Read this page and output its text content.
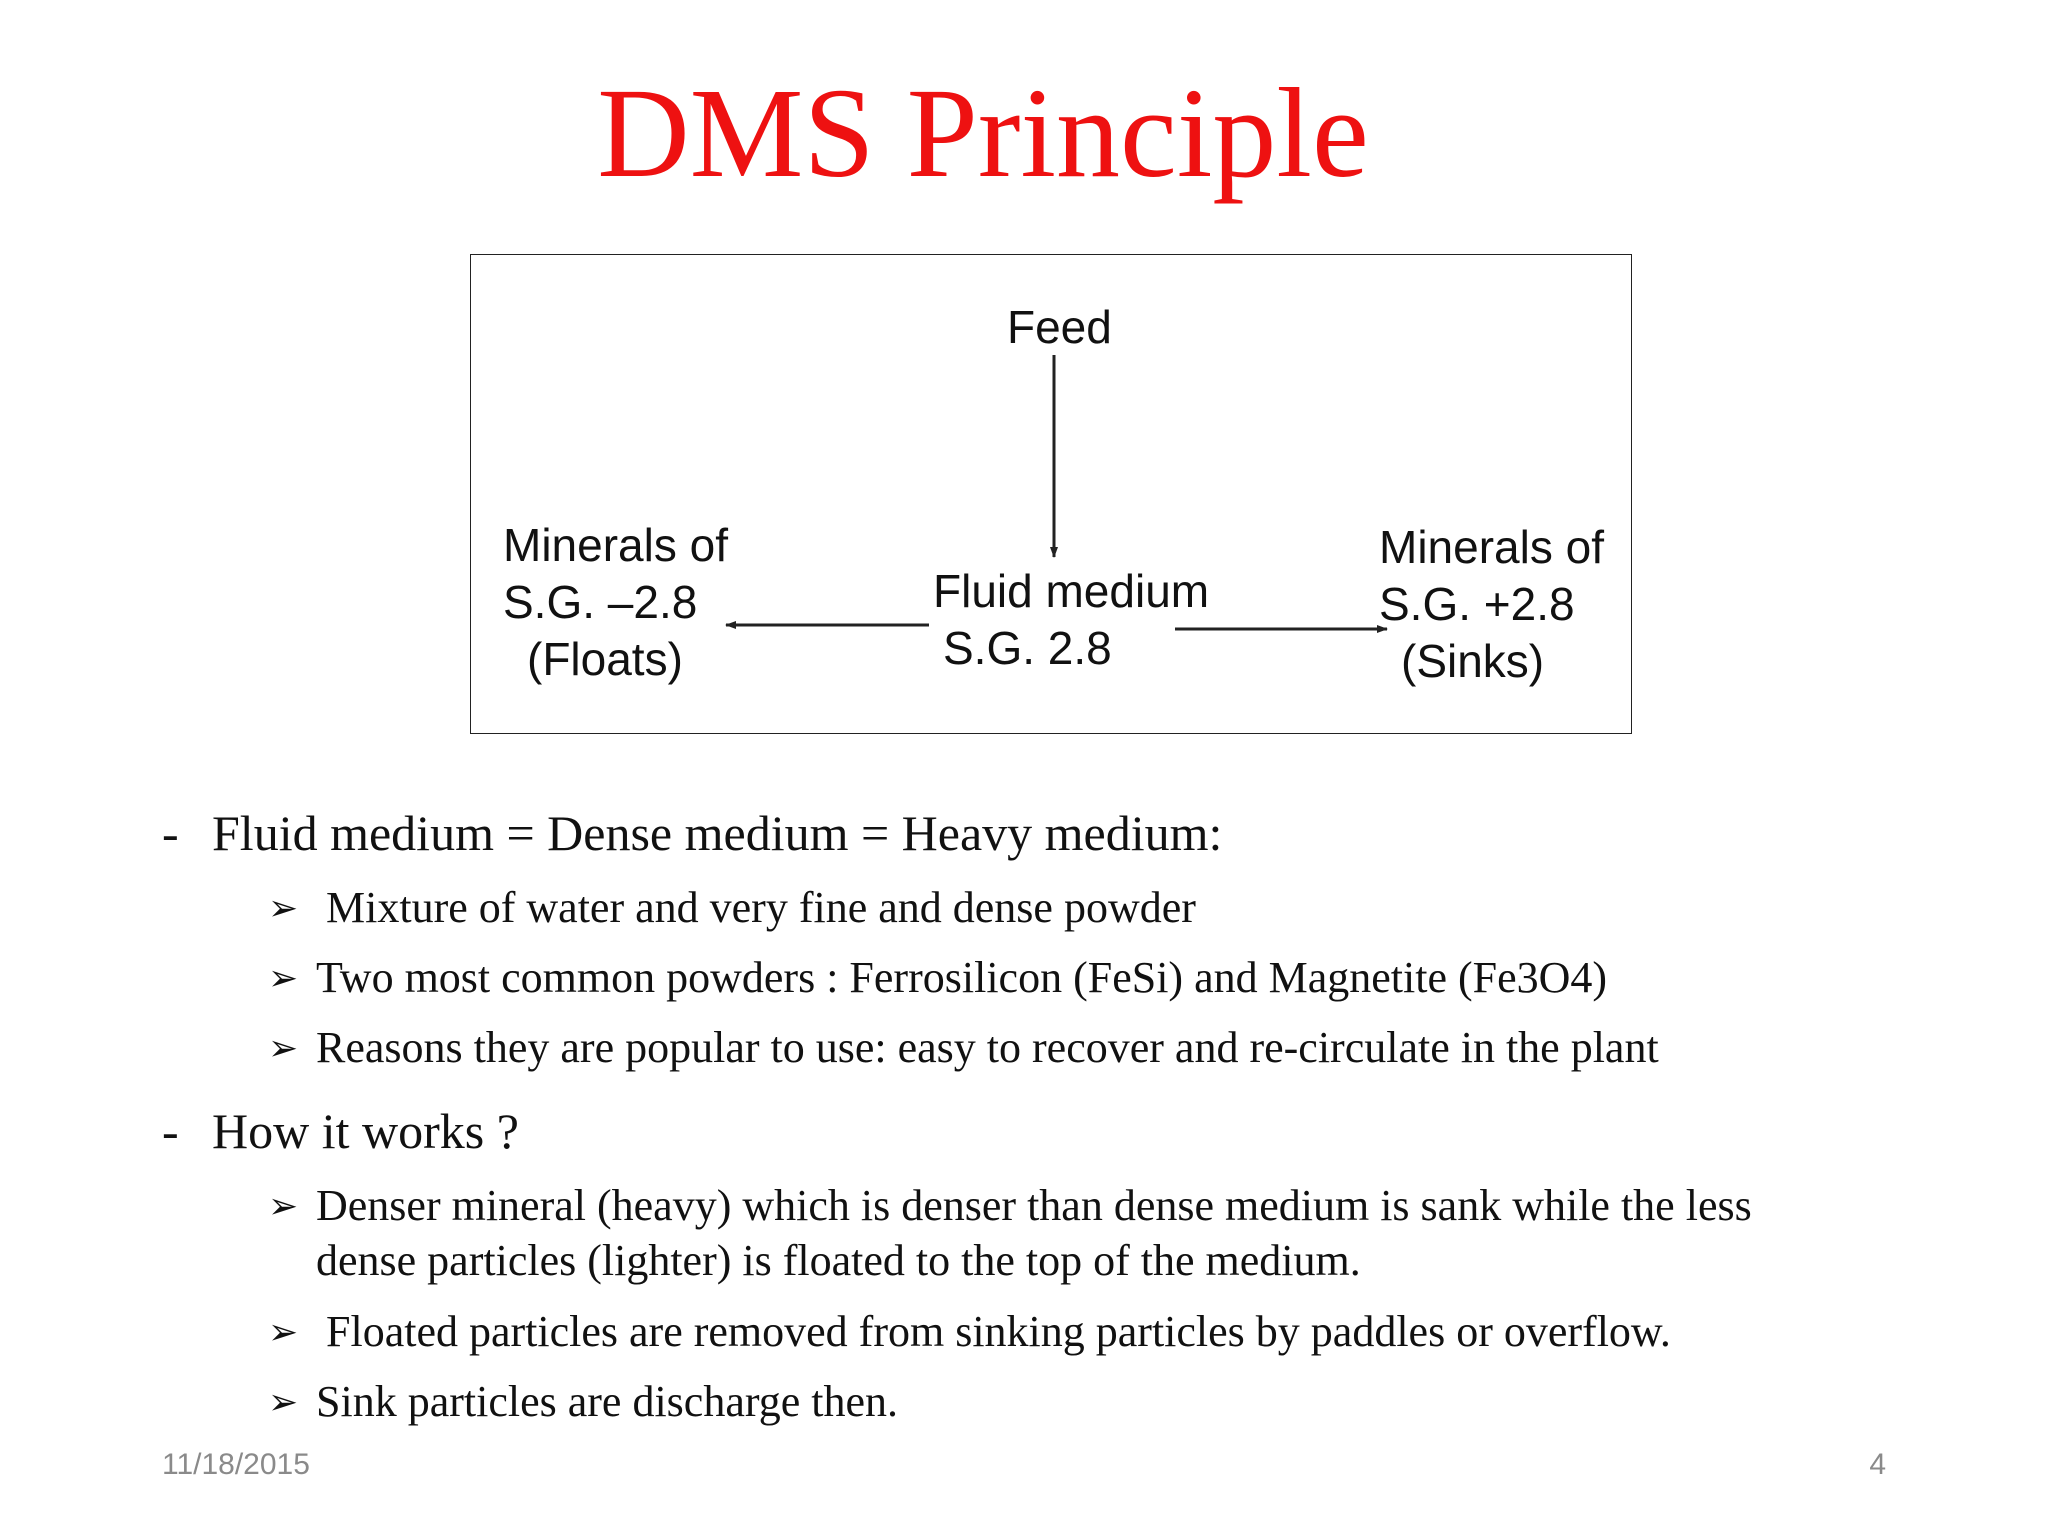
DMS Principle
Feed
Minerals of
S.G. –2.8
(Floats)
Fluid medium
S.G. 2.8
Minerals of
S.G. +2.8
(Sinks)
- Fluid medium = Dense medium = Heavy medium:
➢ Mixture of water and very fine and dense powder
➢ Two most common powders : Ferrosilicon (FeSi) and Magnetite (Fe3O4)
➢ Reasons they are popular to use: easy to recover and re-circulate in the plant
- How it works ?
➢ Denser mineral (heavy) which is denser than dense medium is sank while the less
dense particles (lighter) is floated to the top of the medium.
➢ Floated particles are removed from sinking particles by paddles or overflow.
➢ Sink particles are discharge then.
11/18/2015	4
